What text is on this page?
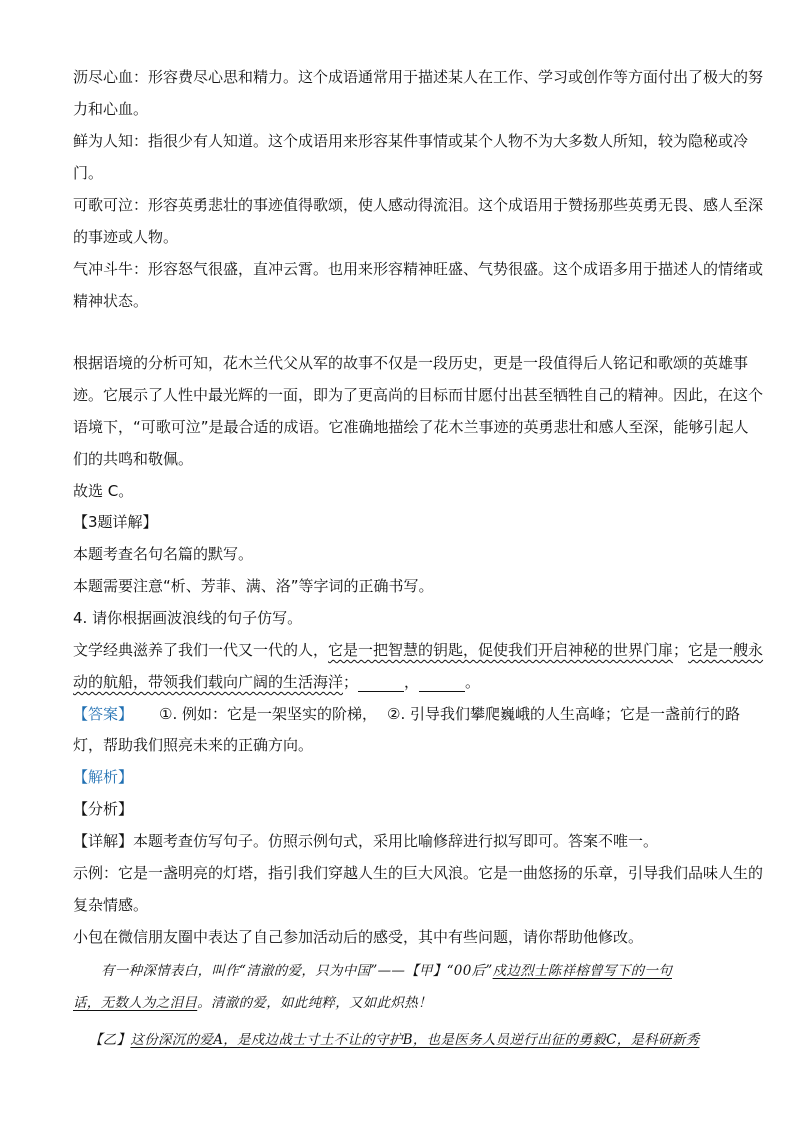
沥尽心血：形容费尽心思和精力。这个成语通常用于描述某人在工作、学习或创作等方面付出了极大的努
力和心血。
鲜为人知：指很少有人知道。这个成语用来形容某件事情或某个人物不为大多数人所知，较为隐秘或冷
门。
可歌可泣：形容英勇悲壮的事迹值得歌颂，使人感动得流泪。这个成语用于赞扬那些英勇无畏、感人至深
的事迹或人物。
气冲斗牛：形容怒气很盛，直冲云霄。也用来形容精神旺盛、气势很盛。这个成语多用于描述人的情绪或
精神状态。
根据语境的分析可知，花木兰代父从军的故事不仅是一段历史，更是一段值得后人铭记和歌颂的英雄事
迹。它展示了人性中最光辉的一面，即为了更高尚的目标而甘愿付出甚至牺牲自己的精神。因此，在这个
语境下，“可歌可泣”是最合适的成语。它准确地描绘了花木兰事迹的英勇悲壮和感人至深，能够引起人
们的共鸣和敬佩。
故选 C。
【3题详解】
本题考查名句名篇的默写。
本题需要注意“析、芳菲、满、洛”等字词的正确书写。
4. 请你根据画波浪线的句子仿写。
文学经典滋养了我们一代又一代的人，它是一把智慧的钥匙，促使我们开启神秘的世界门扉；它是一艘永
动的航船，带领我们载向广阔的生活海洋；	，	。
【答案】 ①. 例如：它是一架坚实的阶梯， ②. 引导我们攀爬巍峨的人生高峰；它是一盏前行的路
灯，帮助我们照亮未来的正确方向。
【解析】
【分析】
【详解】本题考查仿写句子。仿照示例句式，采用比喻修辞进行拟写即可。答案不唯一。
示例：它是一盏明亮的灯塔，指引我们穿越人生的巨大风浪。它是一曲悠扬的乐章，引导我们品味人生的
复杂情感。
小包在微信朋友圈中表达了自己参加活动后的感受，其中有些问题，请你帮助他修改。
有一种深情表白，叫作“清澈的爱，只为中国”——【甲】“00后”戍边烈士陈祥榕曾写下的一句
话，无数人为之泪目。清澈的爱，如此纯粹，又如此炽热！
【乙】这份深沉的爱A，是戍边战士寸土不让的守护B，也是医务人员逆行出征的勇毅C，是科研新秀
